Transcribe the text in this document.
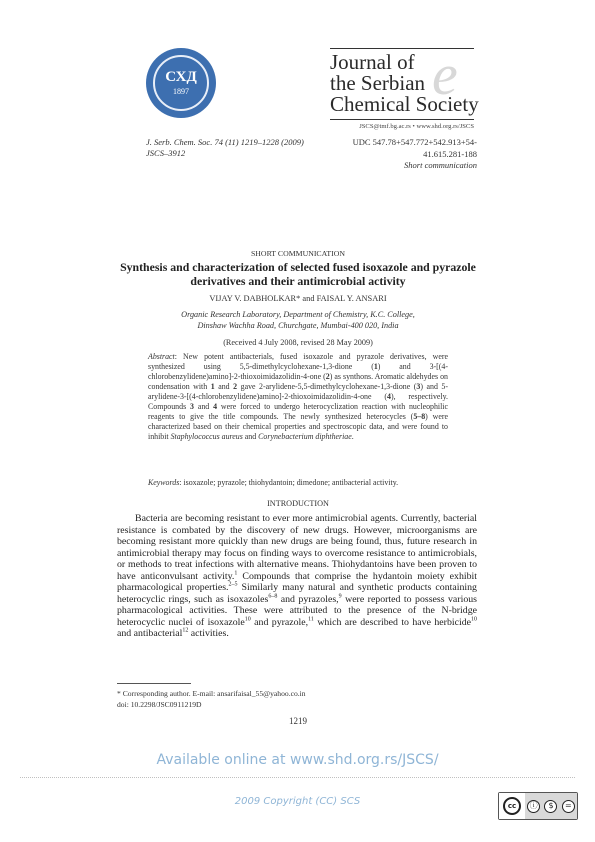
СХД
1897	e
Journal of
the Serbian
Chemical Society
JSCS@tmf.bg.ac.rs • www.shd.org.rs/JSCS
J. Serb. Chem. Soc. 74 (11) 1219–1228 (2009)
JSCS–3912
UDC 547.78+547.772+542.913+54-
41.615.281-188
Short communication
SHORT COMMUNICATION
Synthesis and characterization of selected fused isoxazole and pyrazole derivatives and their antimicrobial activity
VIJAY V. DABHOLKAR* and FAISAL Y. ANSARI
Organic Research Laboratory, Department of Chemistry, K.C. College,
Dinshaw Wachha Road, Churchgate, Mumbai-400 020, India
(Received 4 July 2008, revised 28 May 2009)
Abstract: New potent antibacterials, fused isoxazole and pyrazole derivatives, were synthesized using 5,5-dimethylcyclohexane-1,3-dione (1) and 3-[(4-chlorobenzylidene)amino]-2-thioxoimidazolidin-4-one (2) as synthons. Aromatic aldehydes on condensation with 1 and 2 gave 2-arylidene-5,5-dimethylcyclohexane-1,3-dione (3) and 5-arylidene-3-[(4-chlorobenzylidene)amino]-2-thioxoimidazolidin-4-one (4), respectively. Compounds 3 and 4 were forced to undergo heterocyclization reaction with nucleophilic reagents to give the title compounds. The newly synthesized heterocycles (5–8) were characterized based on their chemical properties and spectroscopic data, and were found to inhibit Staphylococcus aureus and Corynebacterium diphtheriae.
Keywords: isoxazole; pyrazole; thiohydantoin; dimedone; antibacterial activity.
INTRODUCTION

Bacteria are becoming resistant to ever more antimicrobial agents. Currently, bacterial resistance is combated by the discovery of new drugs. However, microorganisms are becoming resistant more quickly than new drugs are being found, thus, future research in antimicrobial therapy may focus on finding ways to overcome resistance to antimicrobials, or methods to treat infections with alternative means. Thiohydantoins have been proven to have anticonvulsant activity.$^1$ Compounds that comprise the hydantoin moiety exhibit pharmacological properties.$^{2-5}$ Similarly many natural and synthetic products containing heterocyclic rings, such as isoxazoles$^{6-8}$ and pyrazoles,$^9$ were reported to possess various pharmacological activities. These were attributed to the presence of the N-bridge heterocyclic nuclei of isoxazole$^{10}$ and pyrazole,$^{11}$ which are described to have herbicide$^{10}$ and antibacterial$^{12}$ activities.

* Corresponding author. E-mail: ansarifaisal_55@yahoo.co.in
doi: 10.2298/JSC0911219D
1219
Available online at www.shd.org.rs/JSCS/
2009 Copyright (CC) SCS	cc	ⓘ	$	=
